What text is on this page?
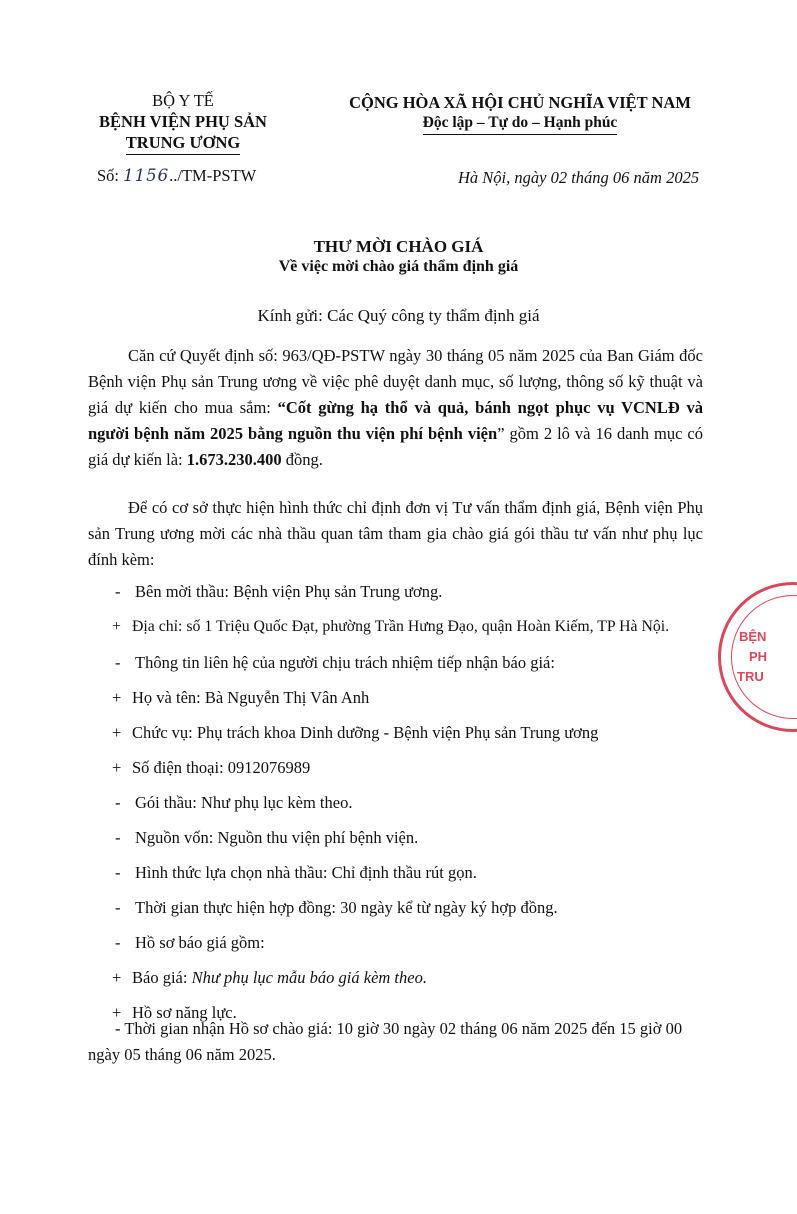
BỘ Y TẾ
BỆNH VIỆN PHỤ SẢN
TRUNG ƯƠNG
Số: 1156../TM-PSTW
CỘNG HÒA XÃ HỘI CHỦ NGHĨA VIỆT NAM
Độc lập – Tự do – Hạnh phúc
Hà Nội, ngày 02 tháng 06 năm 2025
THƯ MỜI CHÀO GIÁ
Về việc mời chào giá thẩm định giá
Kính gửi: Các Quý công ty thẩm định giá
Căn cứ Quyết định số: 963/QĐ-PSTW ngày 30 tháng 05 năm 2025 của Ban Giám đốc Bệnh viện Phụ sản Trung ương về việc phê duyệt danh mục, số lượng, thông số kỹ thuật và giá dự kiến cho mua sắm: “Cốt gừng hạ thổ và quả, bánh ngọt phục vụ VCNLĐ và người bệnh năm 2025 bằng nguồn thu viện phí bệnh viện” gồm 2 lô và 16 danh mục có giá dự kiến là: 1.673.230.400 đồng.
Để có cơ sở thực hiện hình thức chỉ định đơn vị Tư vấn thẩm định giá, Bệnh viện Phụ sản Trung ương mời các nhà thầu quan tâm tham gia chào giá gói thầu tư vấn như phụ lục đính kèm:
- Bên mời thầu: Bệnh viện Phụ sản Trung ương.
+ Địa chỉ: số 1 Triệu Quốc Đạt, phường Trần Hưng Đạo, quận Hoàn Kiếm, TP Hà Nội.
- Thông tin liên hệ của người chịu trách nhiệm tiếp nhận báo giá:
+ Họ và tên: Bà Nguyễn Thị Vân Anh
+ Chức vụ: Phụ trách khoa Dinh dưỡng - Bệnh viện Phụ sản Trung ương
+ Số điện thoại: 0912076989
- Gói thầu: Như phụ lục kèm theo.
- Nguồn vốn: Nguồn thu viện phí bệnh viện.
- Hình thức lựa chọn nhà thầu: Chỉ định thầu rút gọn.
- Thời gian thực hiện hợp đồng: 30 ngày kể từ ngày ký hợp đồng.
- Hồ sơ báo giá gồm:
+ Báo giá: Như phụ lục mẫu báo giá kèm theo.
+ Hồ sơ năng lực.
- Thời gian nhận Hồ sơ chào giá: 10 giờ 30 ngày 02 tháng 06 năm 2025 đến 15 giờ 00 ngày 05 tháng 06 năm 2025.
BỆN
PH
TRU
